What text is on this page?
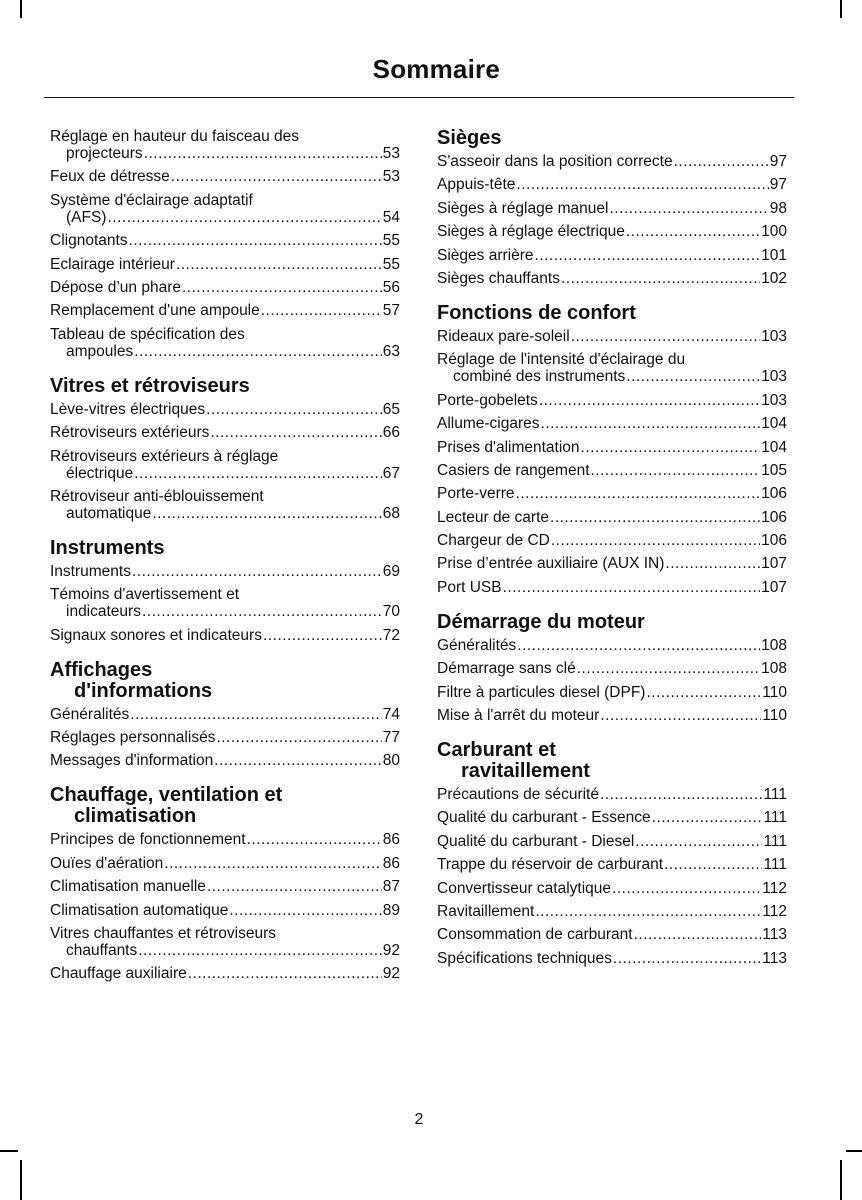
Sommaire
Réglage en hauteur du faisceau des
projecteurs .....	53
Feux de détresse .....	53
Système d'éclairage adaptatif
(AFS) .....	54
Clignotants .....	55
Eclairage intérieur .....	55
Dépose d’un phare .....	56
Remplacement d'une ampoule .....	57
Tableau de spécification des
ampoules .....	63
Vitres et rétroviseurs
Lève-vitres électriques .....	65
Rétroviseurs extérieurs .....	66
Rétroviseurs extérieurs à réglage
électrique .....	67
Rétroviseur anti-éblouissement
automatique .....	68
Instruments
Instruments .....	69
Témoins d'avertissement et
indicateurs .....	70
Signaux sonores et indicateurs .....	72
Affichages

d'informations
Généralités .....	74
Réglages personnalisés .....	77
Messages d'information .....	80
Chauffage, ventilation et

climatisation
Principes de fonctionnement .....	86
Ouïes d'aération .....	86
Climatisation manuelle .....	87
Climatisation automatique .....	89
Vitres chauffantes et rétroviseurs
chauffants .....	92
Chauffage auxiliaire .....	92
Sièges
S'asseoir dans la position correcte .....	97
Appuis-tête .....	97
Sièges à réglage manuel .....	98
Sièges à réglage électrique .....	100
Sièges arrière .....	101
Sièges chauffants .....	102
Fonctions de confort
Rideaux pare-soleil .....	103
Réglage de l'intensité d'éclairage du
combiné des instruments .....	103
Porte-gobelets .....	103
Allume-cigares .....	104
Prises d'alimentation .....	104
Casiers de rangement .....	105
Porte-verre .....	106
Lecteur de carte .....	106
Chargeur de CD .....	106
Prise d’entrée auxiliaire (AUX IN) .....	107
Port USB .....	107
Démarrage du moteur
Généralités .....	108
Démarrage sans clé .....	108
Filtre à particules diesel (DPF) .....	110
Mise à l'arrêt du moteur .....	110
Carburant et

ravitaillement
Précautions de sécurité .....	111
Qualité du carburant - Essence .....	111
Qualité du carburant - Diesel .....	111
Trappe du réservoir de carburant .....	111
Convertisseur catalytique .....	112
Ravitaillement .....	112
Consommation de carburant .....	113
Spécifications techniques .....	113
2
